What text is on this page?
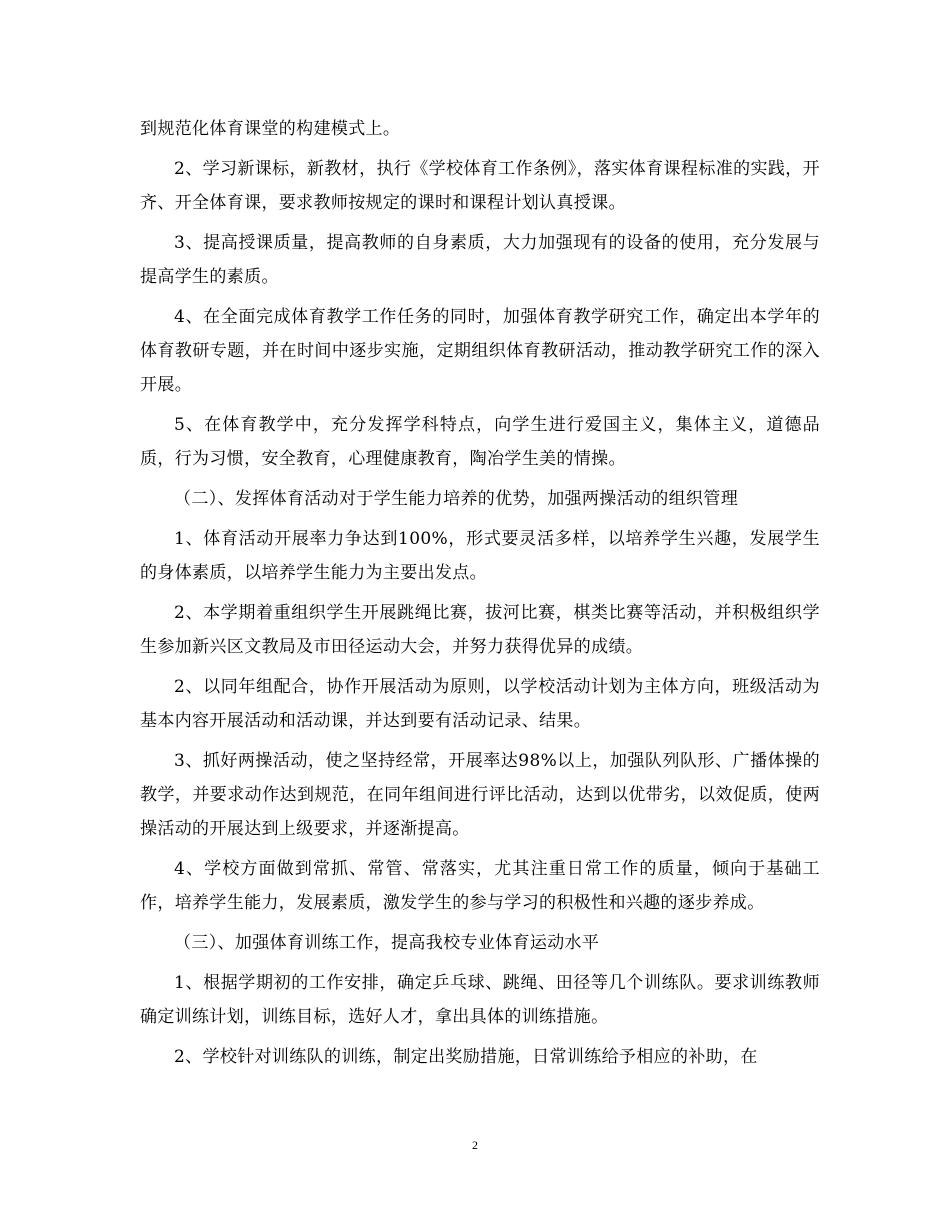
到规范化体育课堂的构建模式上。

2、学习新课标，新教材，执行《学校体育工作条例》，落实体育课程标准的实践，开齐、开全体育课，要求教师按规定的课时和课程计划认真授课。

3、提高授课质量，提高教师的自身素质，大力加强现有的设备的使用，充分发展与提高学生的素质。

4、在全面完成体育教学工作任务的同时，加强体育教学研究工作，确定出本学年的体育教研专题，并在时间中逐步实施，定期组织体育教研活动，推动教学研究工作的深入开展。

5、在体育教学中，充分发挥学科特点，向学生进行爱国主义，集体主义，道德品质，行为习惯，安全教育，心理健康教育，陶冶学生美的情操。

（二）、发挥体育活动对于学生能力培养的优势，加强两操活动的组织管理

1、体育活动开展率力争达到100%，形式要灵活多样，以培养学生兴趣，发展学生的身体素质，以培养学生能力为主要出发点。

2、本学期着重组织学生开展跳绳比赛，拔河比赛，棋类比赛等活动，并积极组织学生参加新兴区文教局及市田径运动大会，并努力获得优异的成绩。

2、以同年组配合，协作开展活动为原则，以学校活动计划为主体方向，班级活动为基本内容开展活动和活动课，并达到要有活动记录、结果。

3、抓好两操活动，使之坚持经常，开展率达98%以上，加强队列队形、广播体操的教学，并要求动作达到规范，在同年组间进行评比活动，达到以优带劣，以效促质，使两操活动的开展达到上级要求，并逐渐提高。

4、学校方面做到常抓、常管、常落实，尤其注重日常工作的质量，倾向于基础工作，培养学生能力，发展素质，激发学生的参与学习的积极性和兴趣的逐步养成。

（三）、加强体育训练工作，提高我校专业体育运动水平

1、根据学期初的工作安排，确定乒乓球、跳绳、田径等几个训练队。要求训练教师确定训练计划，训练目标，选好人才，拿出具体的训练措施。

2、学校针对训练队的训练，制定出奖励措施，日常训练给予相应的补助，在

2
